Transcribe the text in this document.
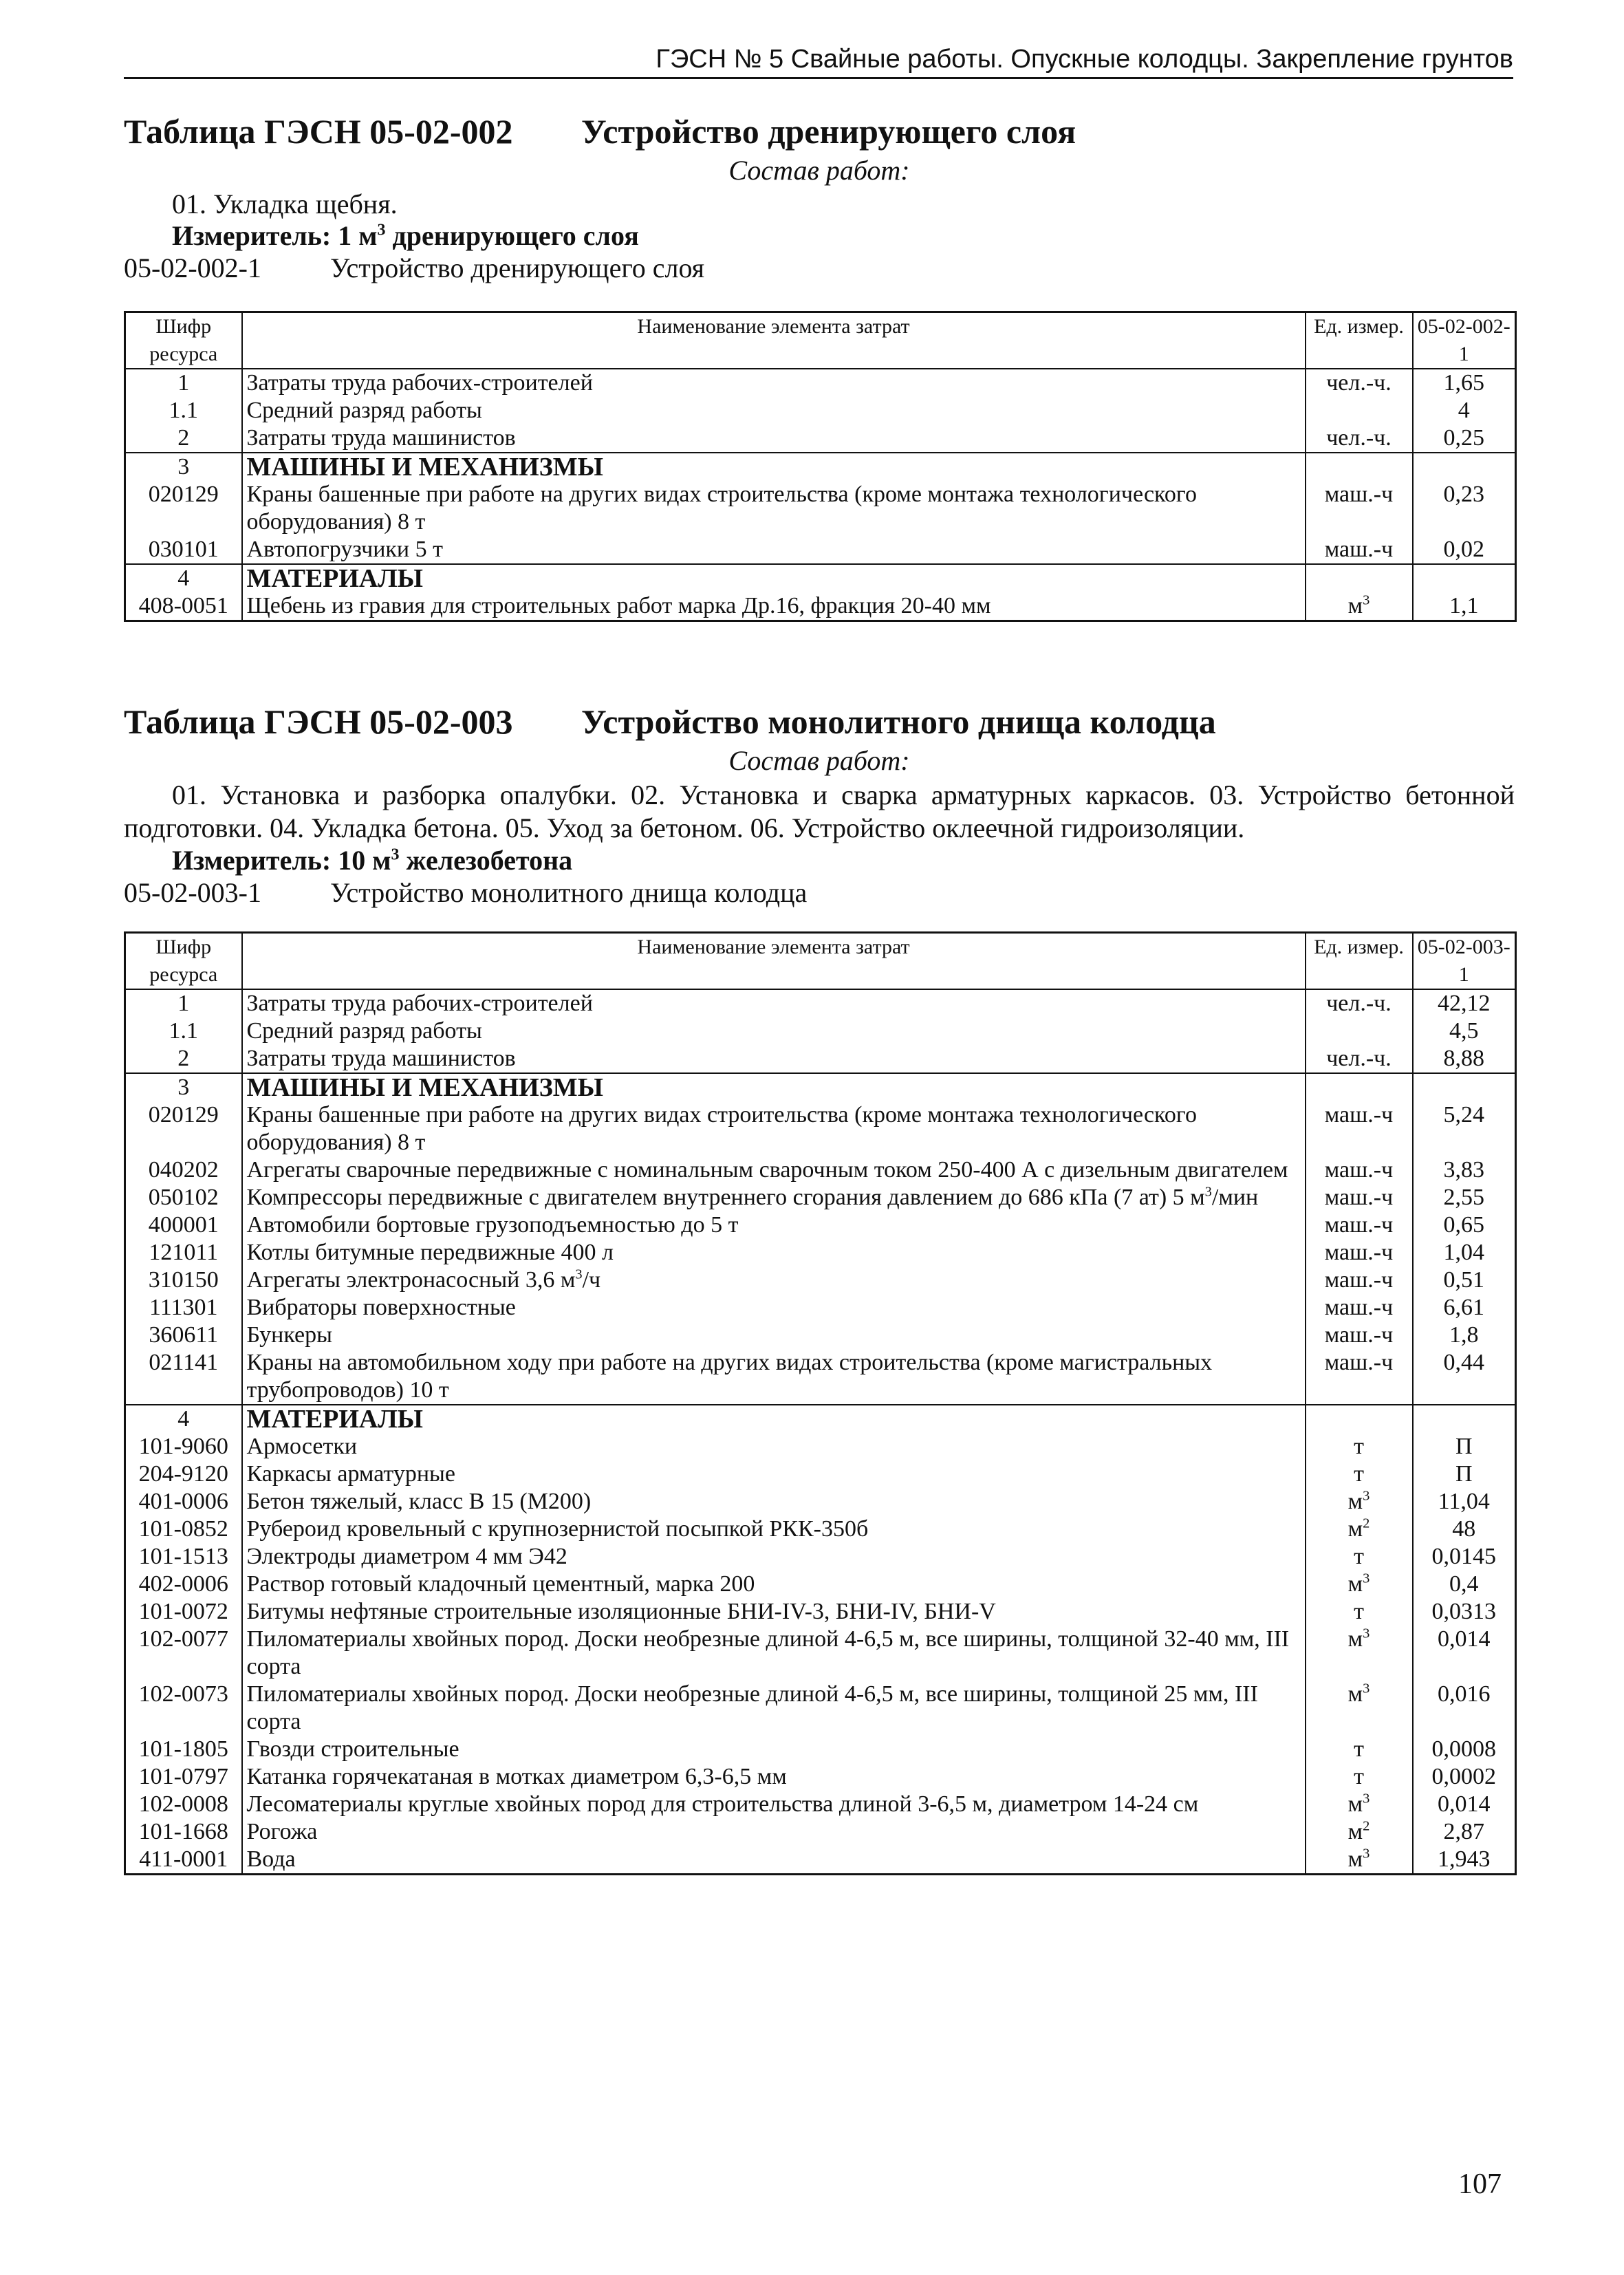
ГЭСН № 5 Свайные работы. Опускные колодцы. Закрепление грунтов
Таблица ГЭСН 05-02-002	Устройство дренирующего слоя
Состав работ:
01. Укладка щебня.
Измеритель: 1 $м^3$ дренирующего слоя
05-02-002-1	Устройство дренирующего слоя
Шифр ресурса	Наименование элемента затрат	Ед. измер.	05-02-002-1
1	Затраты труда рабочих-строителей	чел.-ч.	1,65
1.1	Средний разряд работы		4
2	Затраты труда машинистов	чел.-ч.	0,25
3	МАШИНЫ И МЕХАНИЗМЫ		
020129	Краны башенные при работе на других видах строительства (кроме монтажа технологического оборудования) 8 т	маш.-ч	0,23
030101	Автопогрузчики 5 т	маш.-ч	0,02
4	МАТЕРИАЛЫ		
408-0051	Щебень из гравия для строительных работ марка Др.16, фракция 20-40 мм	$м^3$	1,1
Таблица ГЭСН 05-02-003	Устройство монолитного днища колодца
Состав работ:
01. Установка и разборка опалубки. 02. Установка и сварка арматурных каркасов. 03. Устройство бетонной подготовки. 04. Укладка бетона. 05. Уход за бетоном. 06. Устройство оклеечной гидроизоляции.
Измеритель: 10 $м^3$ железобетона
05-02-003-1	Устройство монолитного днища колодца
Шифр ресурса	Наименование элемента затрат	Ед. измер.	05-02-003-1
1	Затраты труда рабочих-строителей	чел.-ч.	42,12
1.1	Средний разряд работы		4,5
2	Затраты труда машинистов	чел.-ч.	8,88
3	МАШИНЫ И МЕХАНИЗМЫ		
020129	Краны башенные при работе на других видах строительства (кроме монтажа технологического оборудования) 8 т	маш.-ч	5,24
040202	Агрегаты сварочные передвижные с номинальным сварочным током 250-400 А с дизельным двигателем	маш.-ч	3,83
050102	Компрессоры передвижные с двигателем внутреннего сгорания давлением до 686 кПа (7 ат) 5 $м^3$/мин	маш.-ч	2,55
400001	Автомобили бортовые грузоподъемностью до 5 т	маш.-ч	0,65
121011	Котлы битумные передвижные 400 л	маш.-ч	1,04
310150	Агрегаты электронасосный 3,6 $м^3/ч$	маш.-ч	0,51
111301	Вибраторы поверхностные	маш.-ч	6,61
360611	Бункеры	маш.-ч	1,8
021141	Краны на автомобильном ходу при работе на других видах строительства (кроме магистральных трубопроводов) 10 т	маш.-ч	0,44
4	МАТЕРИАЛЫ		
101-9060	Армосетки	т	П
204-9120	Каркасы арматурные	т	П
401-0006	Бетон тяжелый, класс В 15 (М200)	$м^3$	11,04
101-0852	Рубероид кровельный с крупнозернистой посыпкой РКК-350б	$м^2$	48
101-1513	Электроды диаметром 4 мм Э42	т	0,0145
402-0006	Раствор готовый кладочный цементный, марка 200	$м^3$	0,4
101-0072	Битумы нефтяные строительные изоляционные БНИ-IV-3, БНИ-IV, БНИ-V	т	0,0313
102-0077	Пиломатериалы хвойных пород. Доски необрезные длиной 4-6,5 м, все ширины, толщиной 32-40 мм, III сорта	$м^3$	0,014
102-0073	Пиломатериалы хвойных пород. Доски необрезные длиной 4-6,5 м, все ширины, толщиной 25 мм, III сорта	$м^3$	0,016
101-1805	Гвозди строительные	т	0,0008
101-0797	Катанка горячекатаная в мотках диаметром 6,3-6,5 мм	т	0,0002
102-0008	Лесоматериалы круглые хвойных пород для строительства длиной 3-6,5 м, диаметром 14-24 см	$м^3$	0,014
101-1668	Рогожа	$м^2$	2,87
411-0001	Вода	$м^3$	1,943
107
